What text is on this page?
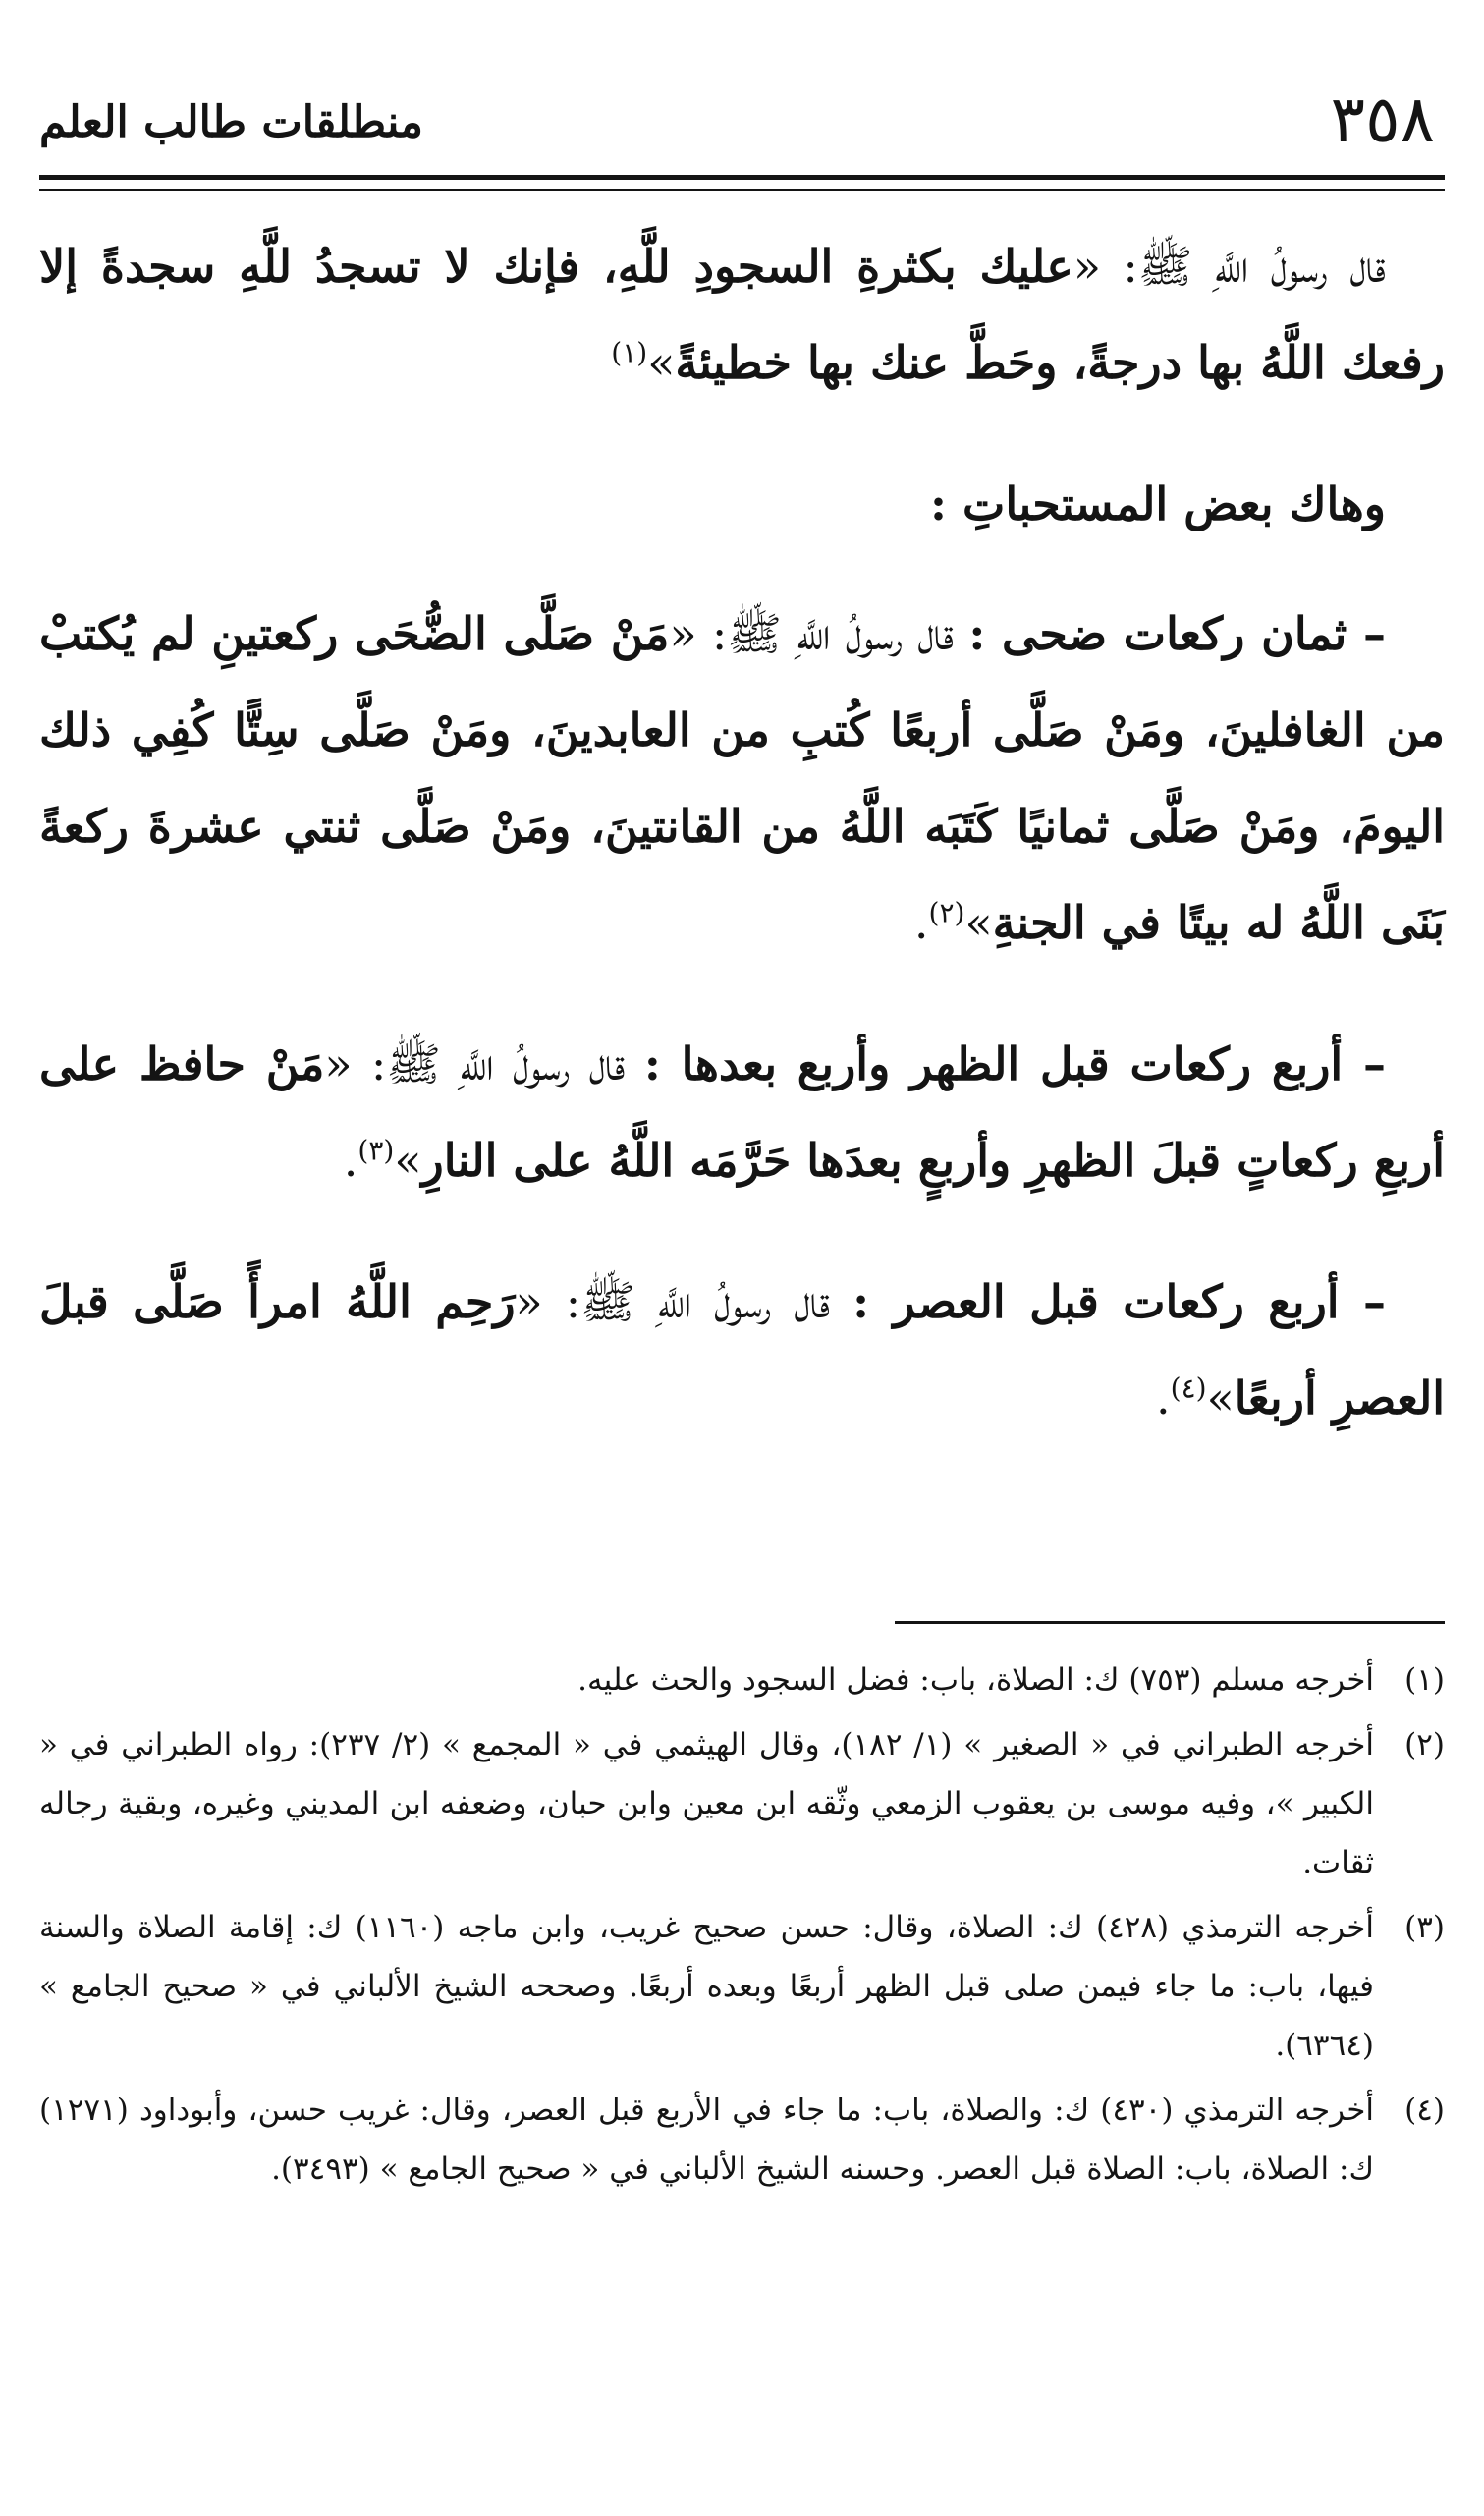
٣٥٨
منطلقات طالب العلم

قال رسولُ اللَّهِ ﷺ: «عليك بكثرةِ السجودِ للَّهِ، فإنك لا تسجدُ للَّهِ سجدةً إلا رفعك اللَّهُ بها درجةً، وحَطَّ عنك بها خطيئةً»$^{(١)}$

وهاك بعض المستحباتِ :

– ثمان ركعات ضحى : قال رسولُ اللَّهِ ﷺ: «مَنْ صَلَّى الضُّحَى ركعتينِ لم يُكتبْ من الغافلينَ، ومَنْ صَلَّى أربعًا كُتبِ من العابدينَ، ومَنْ صَلَّى سِتًّا كُفِي ذلك اليومَ، ومَنْ صَلَّى ثمانيًا كَتَبَه اللَّهُ من القانتينَ، ومَنْ صَلَّى ثنتي عشرةَ ركعةً بَنَى اللَّهُ له بيتًا في الجنةِ»$^{(٢)}$.

– أربع ركعات قبل الظهر وأربع بعدها : قال رسولُ اللَّهِ ﷺ: «مَنْ حافظ على أربعِ ركعاتٍ قبلَ الظهرِ وأربعٍ بعدَها حَرَّمَه اللَّهُ على النارِ»$^{(٣)}$.

– أربع ركعات قبل العصر : قال رسولُ اللَّهِ ﷺ: «رَحِم اللَّهُ امرأً صَلَّى قبلَ العصرِ أربعًا»$^{(٤)}$.

(١)
أخرجه مسلم (٧٥٣) ك: الصلاة، باب: فضل السجود والحث عليه.
(٢)
أخرجه الطبراني في « الصغير » (١/ ١٨٢)، وقال الهيثمي في « المجمع » (٢/ ٢٣٧): رواه الطبراني في « الكبير »، وفيه موسى بن يعقوب الزمعي وثّقه ابن معين وابن حبان، وضعفه ابن المديني وغيره، وبقية رجاله ثقات.
(٣)
أخرجه الترمذي (٤٢٨) ك: الصلاة، وقال: حسن صحيح غريب، وابن ماجه (١١٦٠) ك: إقامة الصلاة والسنة فيها، باب: ما جاء فيمن صلى قبل الظهر أربعًا وبعده أربعًا. وصححه الشيخ الألباني في « صحيح الجامع » (٦٣٦٤).
(٤)
أخرجه الترمذي (٤٣٠) ك: والصلاة، باب: ما جاء في الأربع قبل العصر، وقال: غريب حسن، وأبوداود (١٢٧١) ك: الصلاة، باب: الصلاة قبل العصر. وحسنه الشيخ الألباني في « صحيح الجامع » (٣٤٩٣).
